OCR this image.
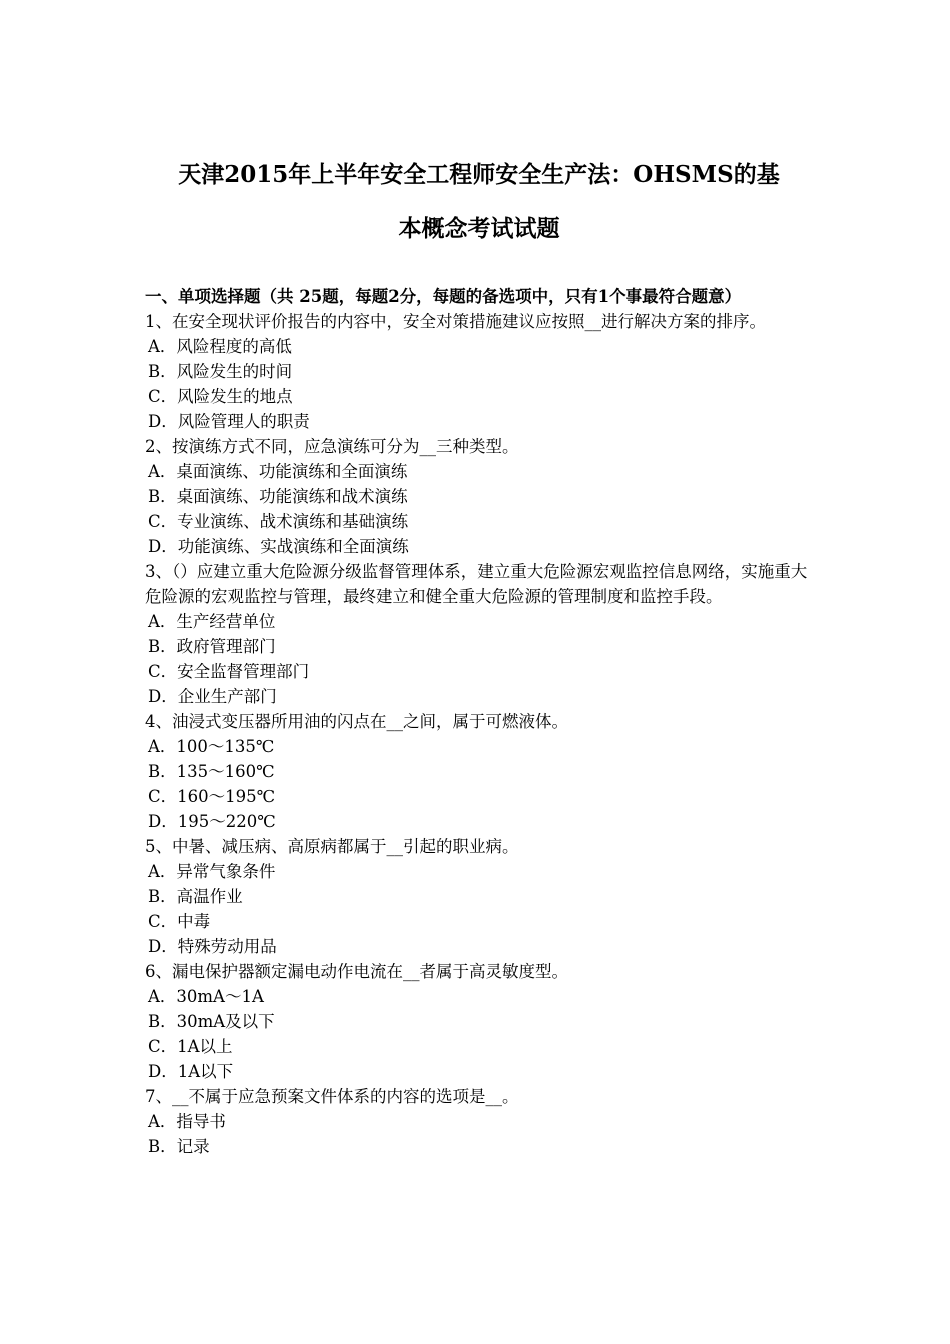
天津2015年上半年安全工程师安全生产法：OHSMS的基
本概念考试试题
一、单项选择题（共 25题，每题2分，每题的备选项中，只有1个事最符合题意）
1、在安全现状评价报告的内容中，安全对策措施建议应按照__进行解决方案的排序。
A．风险程度的高低
B．风险发生的时间
C．风险发生的地点
D．风险管理人的职责
2、按演练方式不同，应急演练可分为__三种类型。
A．桌面演练、功能演练和全面演练
B．桌面演练、功能演练和战术演练
C．专业演练、战术演练和基础演练
D．功能演练、实战演练和全面演练
3、（）应建立重大危险源分级监督管理体系，建立重大危险源宏观监控信息网络，实施重大危险源的宏观监控与管理，最终建立和健全重大危险源的管理制度和监控手段。
A．生产经营单位
B．政府管理部门
C．安全监督管理部门
D．企业生产部门
4、油浸式变压器所用油的闪点在__之间，属于可燃液体。
A．100～135℃
B．135～160℃
C．160～195℃
D．195～220℃
5、中暑、减压病、高原病都属于__引起的职业病。
A．异常气象条件
B．高温作业
C．中毒
D．特殊劳动用品
6、漏电保护器额定漏电动作电流在__者属于高灵敏度型。
A．30mA～1A
B．30mA及以下
C．1A以上
D．1A以下
7、__不属于应急预案文件体系的内容的选项是__。
A．指导书
B．记录
